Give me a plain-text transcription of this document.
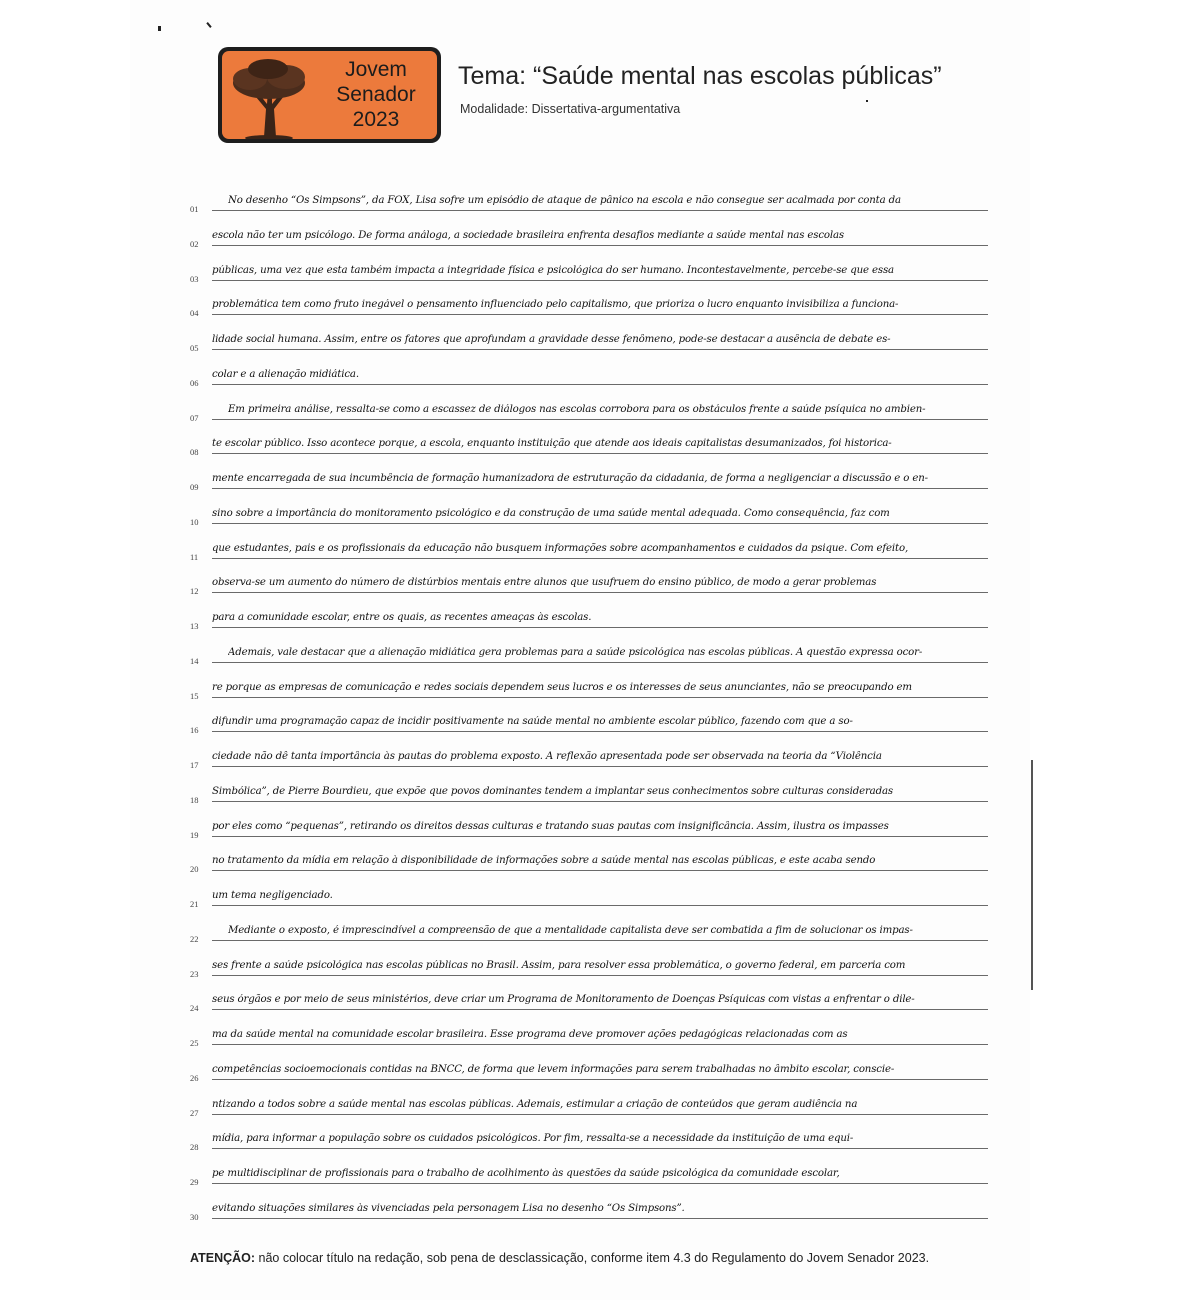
Jovem
Senador
2023
Tema: “Saúde mental nas escolas públicas”
Modalidade: Dissertativa-argumentativa
01
No desenho “Os Simpsons”, da FOX, Lisa sofre um episódio de ataque de pânico na escola e não consegue ser acalmada por conta da
02
escola não ter um psicólogo. De forma análoga, a sociedade brasileira enfrenta desafios mediante a saúde mental nas escolas
03
públicas, uma vez que esta também impacta a integridade física e psicológica do ser humano. Incontestavelmente, percebe-se que essa
04
problemática tem como fruto inegável o pensamento influenciado pelo capitalismo, que prioriza o lucro enquanto invisibiliza a funciona-
05
lidade social humana. Assim, entre os fatores que aprofundam a gravidade desse fenômeno, pode-se destacar a ausência de debate es-
06
colar e a alienação midiática.
07
Em primeira análise, ressalta-se como a escassez de diálogos nas escolas corrobora para os obstáculos frente a saúde psíquica no ambien-
08
te escolar público. Isso acontece porque, a escola, enquanto instituição que atende aos ideais capitalistas desumanizados, foi historica-
09
mente encarregada de sua incumbência de formação humanizadora de estruturação da cidadania, de forma a negligenciar a discussão e o en-
10
sino sobre a importância do monitoramento psicológico e da construção de uma saúde mental adequada. Como consequência, faz com
11
que estudantes, pais e os profissionais da educação não busquem informações sobre acompanhamentos e cuidados da psique. Com efeito,
12
observa-se um aumento do número de distúrbios mentais entre alunos que usufruem do ensino público, de modo a gerar problemas
13
para a comunidade escolar, entre os quais, as recentes ameaças às escolas.
14
Ademais, vale destacar que a alienação midiática gera problemas para a saúde psicológica nas escolas públicas. A questão expressa ocor-
15
re porque as empresas de comunicação e redes sociais dependem seus lucros e os interesses de seus anunciantes, não se preocupando em
16
difundir uma programação capaz de incidir positivamente na saúde mental no ambiente escolar público, fazendo com que a so-
17
ciedade não dê tanta importância às pautas do problema exposto. A reflexão apresentada pode ser observada na teoria da “Violência
18
Simbólica”, de Pierre Bourdieu, que expõe que povos dominantes tendem a implantar seus conhecimentos sobre culturas consideradas
19
por eles como “pequenas”, retirando os direitos dessas culturas e tratando suas pautas com insignificância. Assim, ilustra os impasses
20
no tratamento da mídia em relação à disponibilidade de informações sobre a saúde mental nas escolas públicas, e este acaba sendo
21
um tema negligenciado.
22
Mediante o exposto, é imprescindível a compreensão de que a mentalidade capitalista deve ser combatida a fim de solucionar os impas-
23
ses frente a saúde psicológica nas escolas públicas no Brasil. Assim, para resolver essa problemática, o governo federal, em parceria com
24
seus órgãos e por meio de seus ministérios, deve criar um Programa de Monitoramento de Doenças Psíquicas com vistas a enfrentar o dile-
25
ma da saúde mental na comunidade escolar brasileira. Esse programa deve promover ações pedagógicas relacionadas com as
26
competências socioemocionais contidas na BNCC, de forma que levem informações para serem trabalhadas no âmbito escolar, conscie-
27
ntizando a todos sobre a saúde mental nas escolas públicas. Ademais, estimular a criação de conteúdos que geram audiência na
28
mídia, para informar a população sobre os cuidados psicológicos. Por fim, ressalta-se a necessidade da instituição de uma equi-
29
pe multidisciplinar de profissionais para o trabalho de acolhimento às questões da saúde psicológica da comunidade escolar,
30
evitando situações similares às vivenciadas pela personagem Lisa no desenho “Os Simpsons”.
ATENÇÃO: não colocar título na redação, sob pena de desclassicação, conforme item 4.3 do Regulamento do Jovem Senador 2023.
